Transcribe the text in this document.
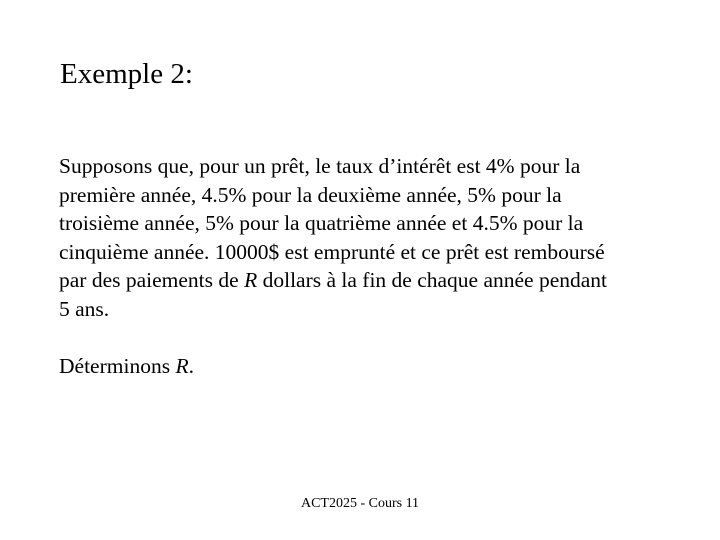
Exemple 2:

Supposons que, pour un prêt, le taux d’intérêt est 4% pour la
première année, 4.5% pour la deuxième année, 5% pour la
troisième année, 5% pour la quatrième année et 4.5% pour la
cinquième année. 10000$ est emprunté et ce prêt est remboursé
par des paiements de R dollars à la fin de chaque année pendant
5 ans.

Déterminons R.

ACT2025 - Cours 11
